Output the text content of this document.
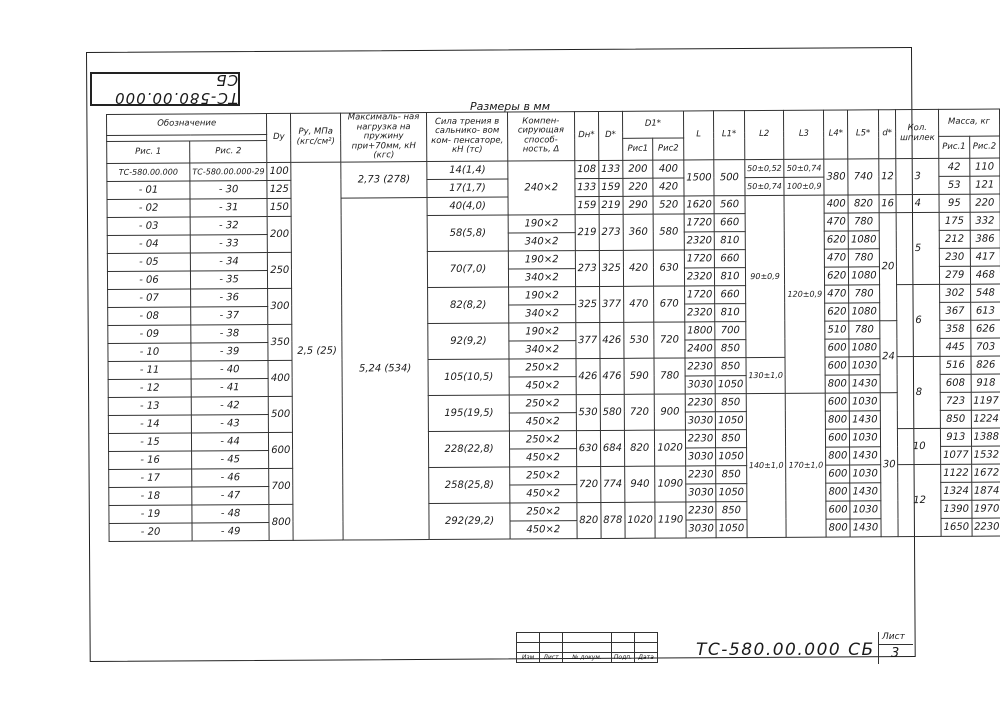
ТС-580.00.000 СБ
Размеры в мм
Обозначение		Dy	Ру, МПа (кгс/см²)	Максималь- ная нагрузка на пружину при+70мм, кН (кгс)	Сила трения в сальнико- вом ком- пенсаторе, кН (тс)	Компен- сирующая способ- ность, Δ	Dн*	D*	D1*		L	L1*	L2	L3	L4*	L5*	d*	Кол. шпилек	Масса, кг	

Рис. 1	Рис. 2								Рис1	Рис2									Рис.1	Рис.2
ТС-580.00.000	ТС-580.00.000-29	100	2,5 (25)	2,73 (278)	14(1,4)	240×2	108	133	200	400	1500	500	50±0,52	50±0,74	380	740	12	3	42	110
- 01	- 30	125			17(1,7)		133	159	220	420			50±0,74	100±0,9					53	121
- 02	- 31	150		5,24 (534)	40(4,0)		159	219	290	520	1620	560	90±0,9	120±0,9	400	820	16	4	95	220
- 03	- 32	200			58(5,8)	190×2	219	273	360	580	1720	660			470	780	20	5	175	332
- 04	- 33					340×2					2320	810			620	1080			212	386
- 05	- 34	250			70(7,0)	190×2	273	325	420	630	1720	660			470	780			230	417
- 06	- 35					340×2					2320	810			620	1080			279	468
- 07	- 36	300			82(8,2)	190×2	325	377	470	670	1720	660			470	780		6	302	548
- 08	- 37					340×2					2320	810			620	1080			367	613
- 09	- 38	350			92(9,2)	190×2	377	426	530	720	1800	700			510	780	24		358	626
- 10	- 39					340×2					2400	850			600	1080			445	703
- 11	- 40	400			105(10,5)	250×2	426	476	590	780	2230	850	130±1,0		600	1030		8	516	826
- 12	- 41					450×2					3030	1050			800	1430			608	918
- 13	- 42	500			195(19,5)	250×2	530	580	720	900	2230	850	140±1,0	170±1,0	600	1030	30		723	1197
- 14	- 43					450×2					3030	1050			800	1430			850	1224
- 15	- 44	600			228(22,8)	250×2	630	684	820	1020	2230	850			600	1030		10	913	1388
- 16	- 45					450×2					3030	1050			800	1430			1077	1532
- 17	- 46	700			258(25,8)	250×2	720	774	940	1090	2230	850			600	1030		12	1122	1672
- 18	- 47					450×2					3030	1050			800	1430			1324	1874
- 19	- 48	800			292(29,2)	250×2	820	878	1020	1190	2230	850			600	1030			1390	1970
- 20	- 49					450×2					3030	1050			800	1430			1650	2230

Изм	Лист	№ докум.	Подп.	Дата ТС-580.00.000 СБ
Лист
3
